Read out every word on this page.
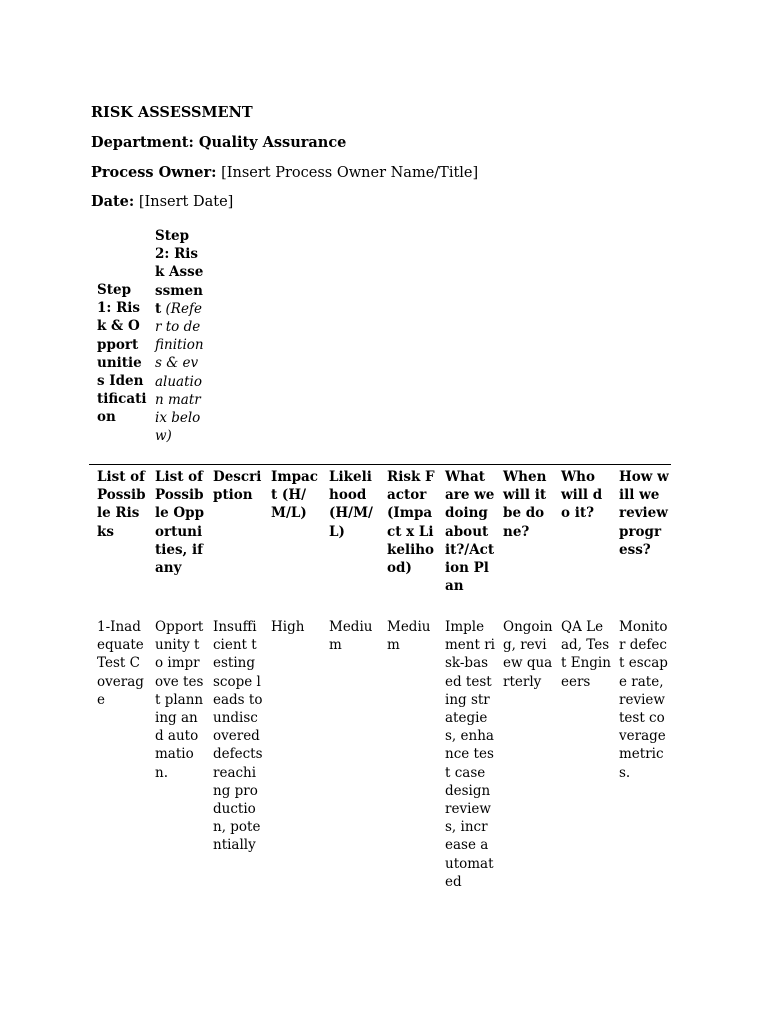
RISK ASSESSMENT
Department: Quality Assurance
Process Owner: [Insert Process Owner Name/Title]
Date: [Insert Date]
Step 1: Risk & Opportunities Identification
Step 2: Risk Assessment (Refer to definitions & evaluation matrix below)
List of Possible Risks
List of Possible Opportunities, if any
Description
Impact (H/M/L)
Likelihood (H/M/L)
Risk Factor (Impact x Likelihood)
What are we doing about it?/Action Plan
When will it be done?
Who will do it?
How will we review progress?
1-Inadequate Test Coverage
Opportunity to improve test planning and automation.
Insufficient testing scope leads to undiscovered defects reaching production, potentially
High	Medium
Medium
Implement risk-based testing strategies, enhance test case design reviews, increase automated
Ongoing, review quarterly
QA Lead, Test Engineers
Monitor defect escape rate, review test coverage metrics.
